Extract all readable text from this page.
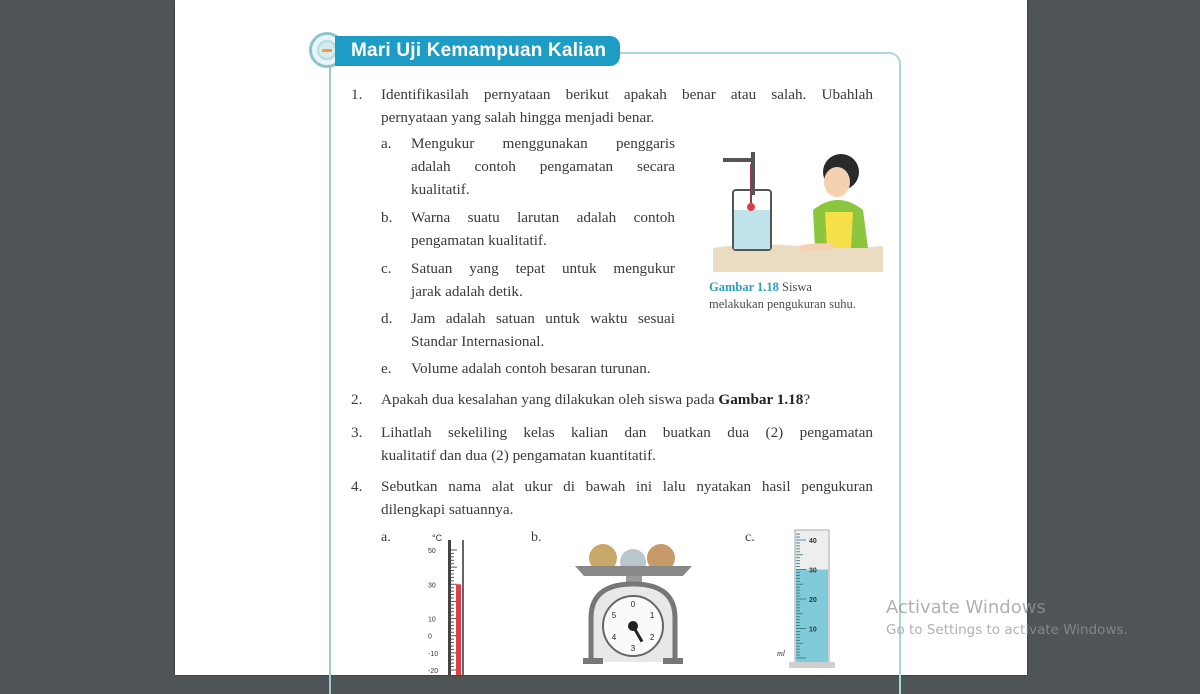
Mari Uji Kemampuan Kalian
1. Identifikasilah pernyataan berikut apakah benar atau salah. Ubahlah
pernyataan yang salah hingga menjadi benar.
a. Mengukur menggunakan penggaris
adalah contoh pengamatan secara
kualitatif.
b. Warna suatu larutan adalah contoh
pengamatan kualitatif.
c. Satuan yang tepat untuk mengukur
jarak adalah detik.
d. Jam adalah satuan untuk waktu sesuai
Standar Internasional.
e. Volume adalah contoh besaran turunan.
Gambar 1.18 Siswa
melakukan pengukuran suhu.
2. Apakah dua kesalahan yang dilakukan oleh siswa pada Gambar 1.18?
3. Lihatlah sekeliling kelas kalian dan buatkan dua (2) pengamatan
kualitatif dan dua (2) pengamatan kuantitatif.
4. Sebutkan nama alat ukur di bawah ini lalu nyatakan hasil pengukuran
dilengkapi satuannya.
a.	b.	c.
°C
50
30
10
0
-10
-20
0
1
2
3
4
5
40
30
20
10
ml
Activate Windows
Go to Settings to activate Windows.
